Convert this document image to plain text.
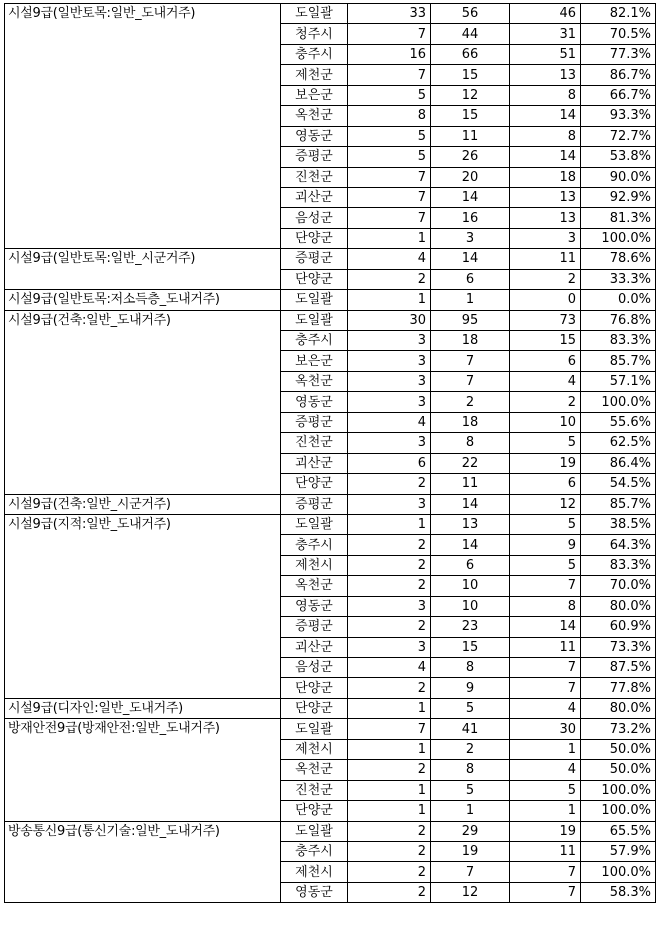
시설9급(일반토목:일반_도내거주)	도일괄	33	56	46	82.1%
	청주시	7	44	31	70.5%
	충주시	16	66	51	77.3%
	제천군	7	15	13	86.7%
	보은군	5	12	8	66.7%
	옥천군	8	15	14	93.3%
	영동군	5	11	8	72.7%
	증평군	5	26	14	53.8%
	진천군	7	20	18	90.0%
	괴산군	7	14	13	92.9%
	음성군	7	16	13	81.3%
	단양군	1	3	3	100.0%
시설9급(일반토목:일반_시군거주)	증평군	4	14	11	78.6%
	단양군	2	6	2	33.3%
시설9급(일반토목:저소득층_도내거주)	도일괄	1	1	0	0.0%
시설9급(건축:일반_도내거주)	도일괄	30	95	73	76.8%
	충주시	3	18	15	83.3%
	보은군	3	7	6	85.7%
	옥천군	3	7	4	57.1%
	영동군	3	2	2	100.0%
	증평군	4	18	10	55.6%
	진천군	3	8	5	62.5%
	괴산군	6	22	19	86.4%
	단양군	2	11	6	54.5%
시설9급(건축:일반_시군거주)	증평군	3	14	12	85.7%
시설9급(지적:일반_도내거주)	도일괄	1	13	5	38.5%
	충주시	2	14	9	64.3%
	제천시	2	6	5	83.3%
	옥천군	2	10	7	70.0%
	영동군	3	10	8	80.0%
	증평군	2	23	14	60.9%
	괴산군	3	15	11	73.3%
	음성군	4	8	7	87.5%
	단양군	2	9	7	77.8%
시설9급(디자인:일반_도내거주)	단양군	1	5	4	80.0%
방재안전9급(방재안전:일반_도내거주)	도일괄	7	41	30	73.2%
	제천시	1	2	1	50.0%
	옥천군	2	8	4	50.0%
	진천군	1	5	5	100.0%
	단양군	1	1	1	100.0%
방송통신9급(통신기술:일반_도내거주)	도일괄	2	29	19	65.5%
	충주시	2	19	11	57.9%
	제천시	2	7	7	100.0%
	영동군	2	12	7	58.3%
